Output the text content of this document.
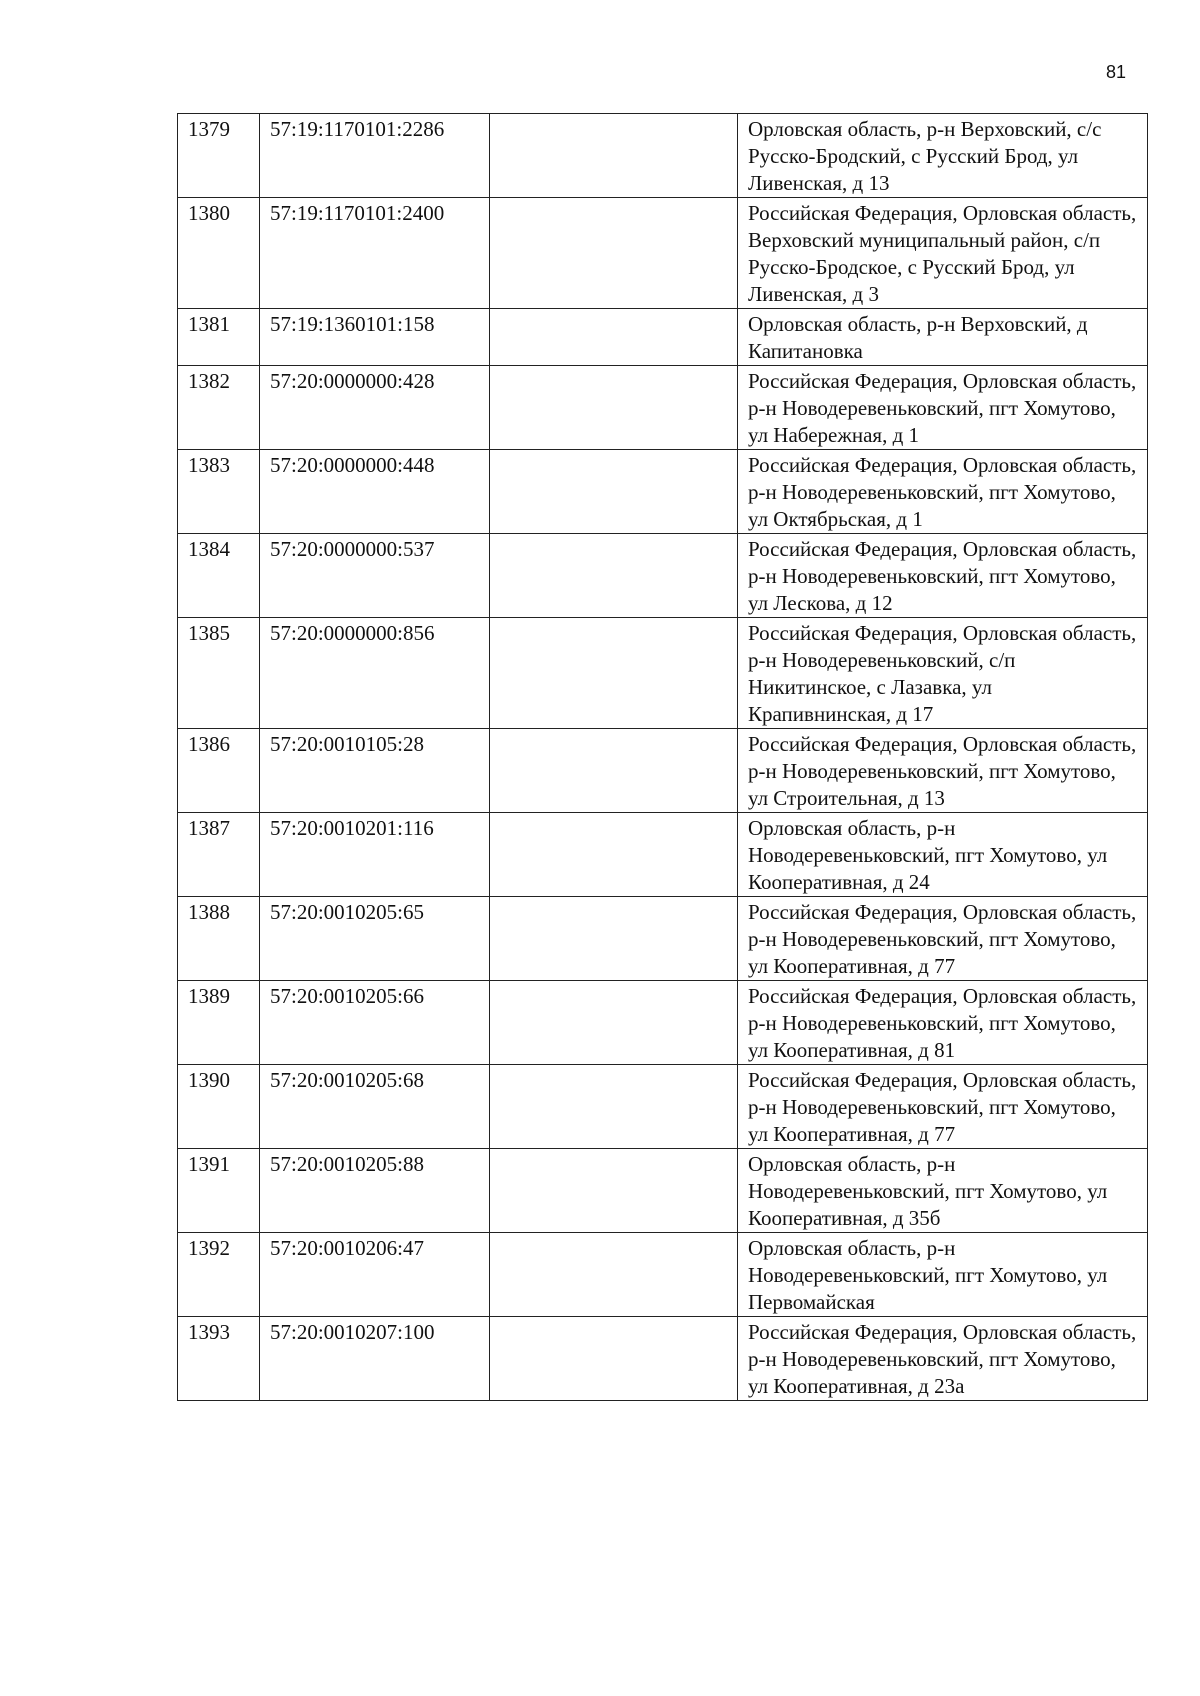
81
1379	57:19:1170101:2286		Орловская область, р-н Верховский, с/с Русско-Бродский, с Русский Брод, ул Ливенская, д 13
1380	57:19:1170101:2400		Российская Федерация, Орловская область, Верховский муниципальный район, с/п Русско-Бродское, с Русский Брод, ул Ливенская, д 3
1381	57:19:1360101:158		Орловская область, р-н Верховский, д Капитановка
1382	57:20:0000000:428		Российская Федерация, Орловская область, р-н Новодеревеньковский, пгт Хомутово, ул Набережная, д 1
1383	57:20:0000000:448		Российская Федерация, Орловская область, р-н Новодеревеньковский, пгт Хомутово, ул Октябрьская, д 1
1384	57:20:0000000:537		Российская Федерация, Орловская область, р-н Новодеревеньковский, пгт Хомутово, ул Лескова, д 12
1385	57:20:0000000:856		Российская Федерация, Орловская область, р-н Новодеревеньковский, с/п Никитинское, с Лазавка, ул Крапивнинская, д 17
1386	57:20:0010105:28		Российская Федерация, Орловская область, р-н Новодеревеньковский, пгт Хомутово, ул Строительная, д 13
1387	57:20:0010201:116		Орловская область, р-н Новодеревеньковский, пгт Хомутово, ул Кооперативная, д 24
1388	57:20:0010205:65		Российская Федерация, Орловская область, р-н Новодеревеньковский, пгт Хомутово, ул Кооперативная, д 77
1389	57:20:0010205:66		Российская Федерация, Орловская область, р-н Новодеревеньковский, пгт Хомутово, ул Кооперативная, д 81
1390	57:20:0010205:68		Российская Федерация, Орловская область, р-н Новодеревеньковский, пгт Хомутово, ул Кооперативная, д 77
1391	57:20:0010205:88		Орловская область, р-н Новодеревеньковский, пгт Хомутово, ул Кооперативная, д 35б
1392	57:20:0010206:47		Орловская область, р-н Новодеревеньковский, пгт Хомутово, ул Первомайская
1393	57:20:0010207:100		Российская Федерация, Орловская область, р-н Новодеревеньковский, пгт Хомутово, ул Кооперативная, д 23а
